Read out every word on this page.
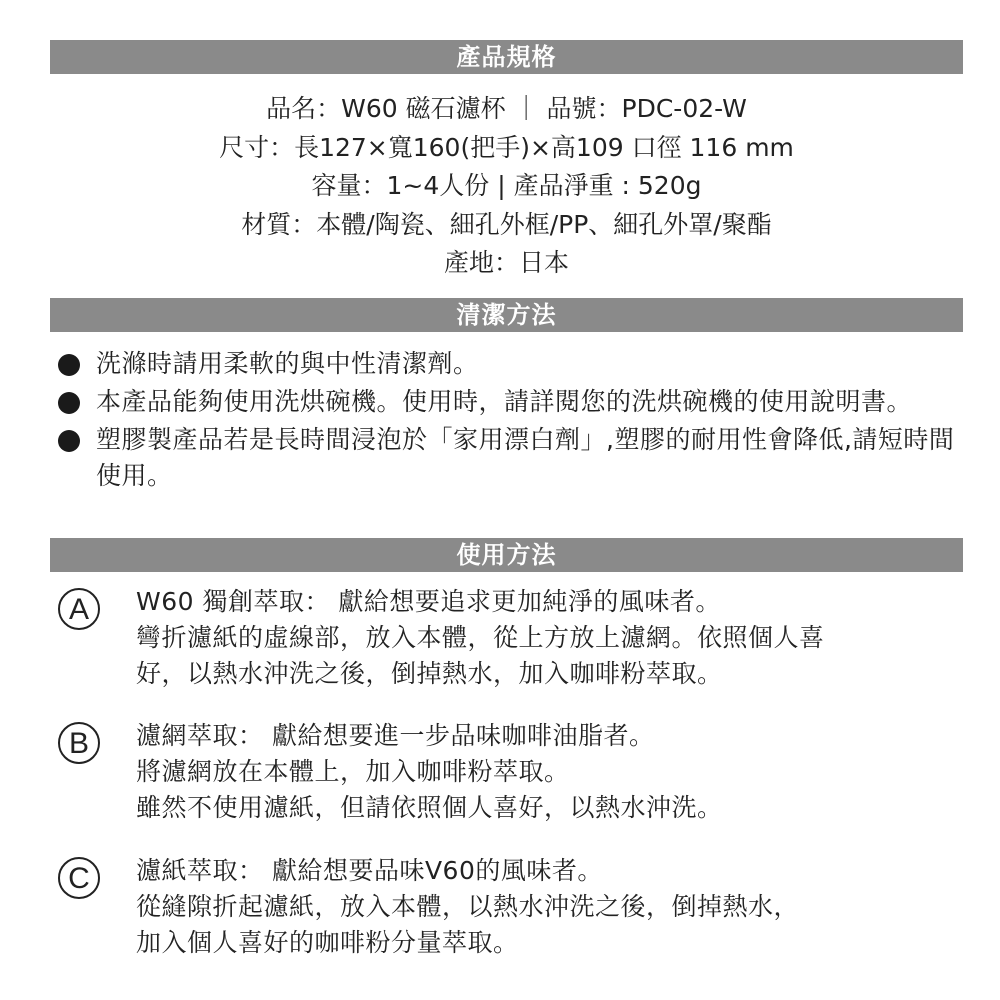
產品規格
品名：W60 磁石濾杯 ｜ 品號：PDC-02-W
尺寸：長127×寬160(把手)×高109 口徑 116 mm
容量：1~4人份 | 產品淨重 : 520g
材質：本體/陶瓷、細孔外框/PP、細孔外罩/聚酯
產地：日本
清潔方法
洗滌時請用柔軟的與中性清潔劑。
本產品能夠使用洗烘碗機。使用時，請詳閱您的洗烘碗機的使用說明書。
塑膠製產品若是長時間浸泡於「家用漂白劑」,塑膠的耐用性會降低,請短時間使用。
使用方法
A	W60 獨創萃取： 獻給想要追求更加純淨的風味者。
彎折濾紙的虛線部，放入本體，從上方放上濾網。依照個人喜
好，以熱水沖洗之後，倒掉熱水，加入咖啡粉萃取。
B	濾網萃取： 獻給想要進一步品味咖啡油脂者。
將濾網放在本體上，加入咖啡粉萃取。
雖然不使用濾紙，但請依照個人喜好，以熱水沖洗。
C	濾紙萃取： 獻給想要品味V60的風味者。
從縫隙折起濾紙，放入本體，以熱水沖洗之後，倒掉熱水，
加入個人喜好的咖啡粉分量萃取。
